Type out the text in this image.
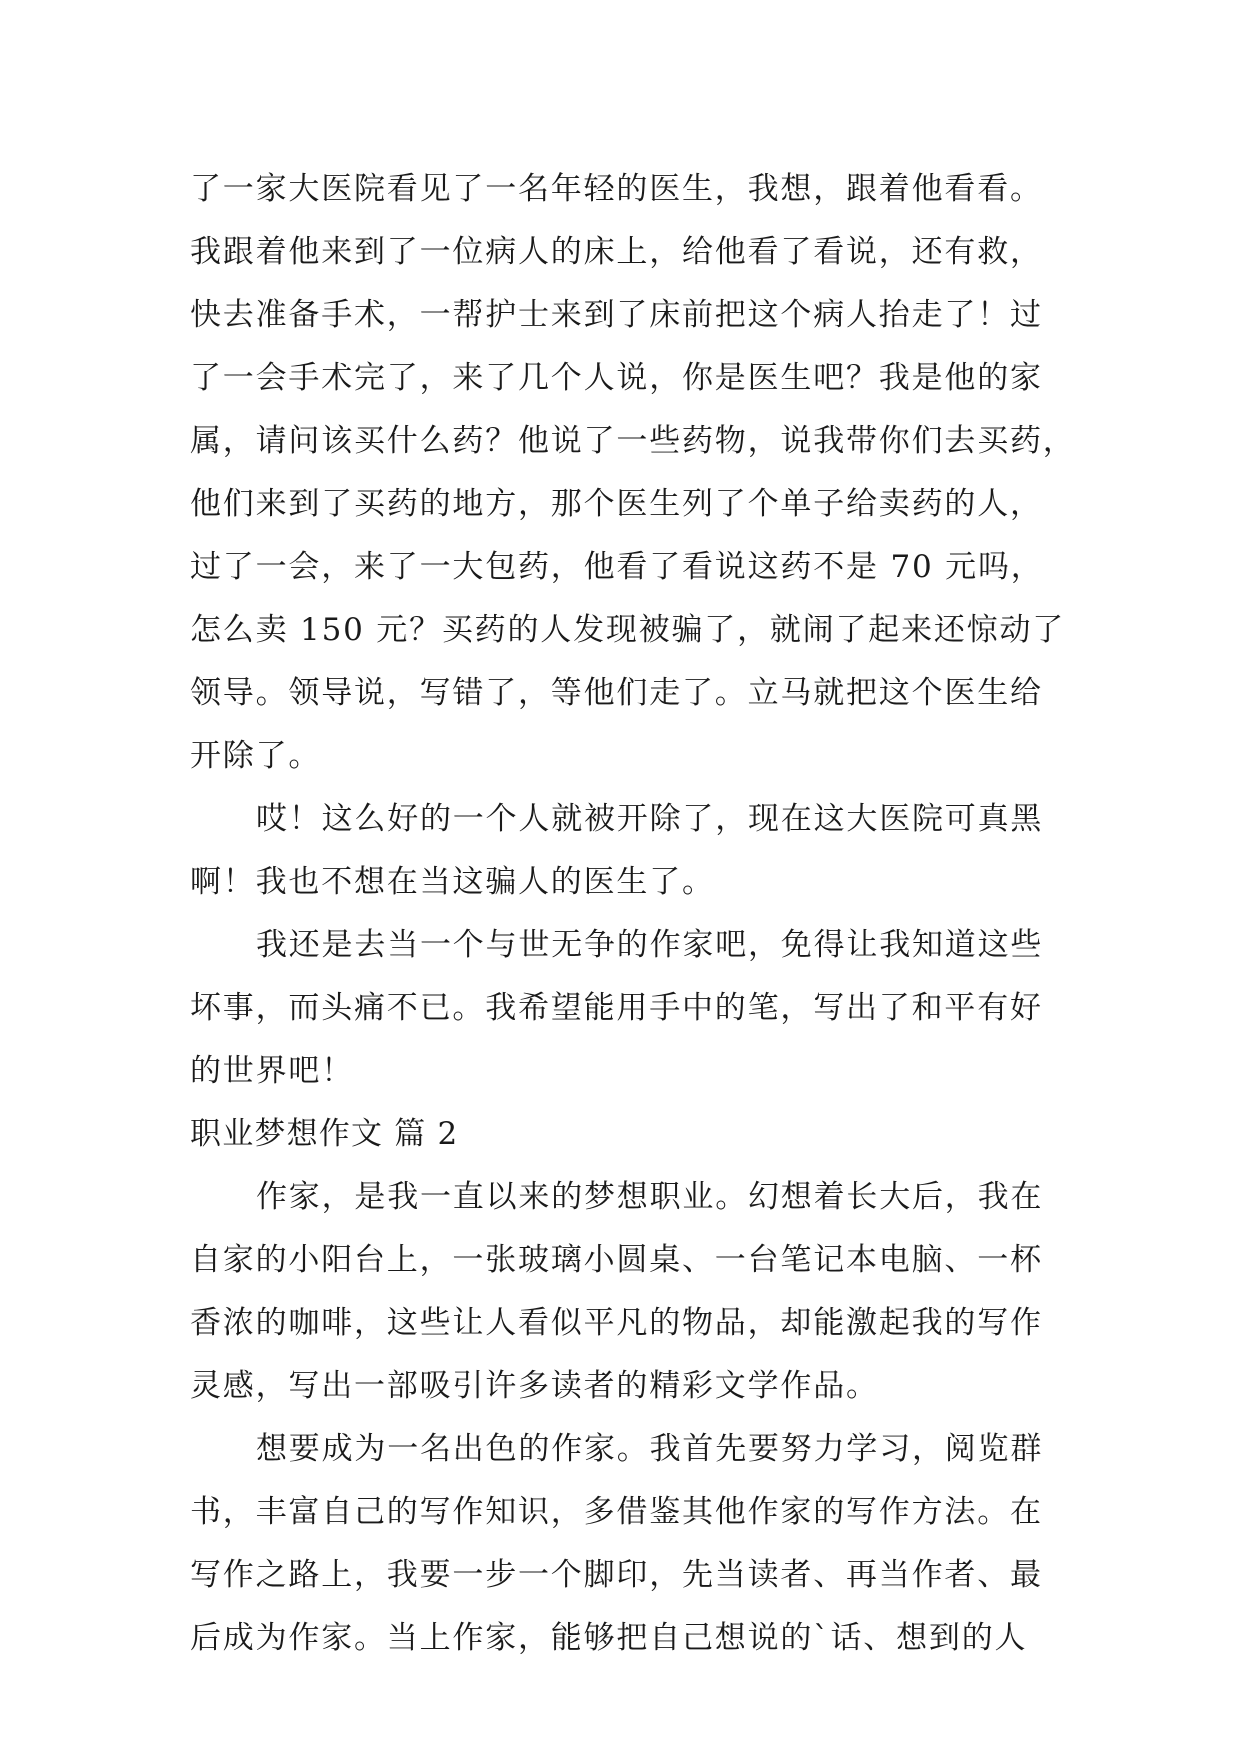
了一家大医院看见了一名年轻的医生，我想，跟着他看看。
我跟着他来到了一位病人的床上，给他看了看说，还有救，
快去准备手术，一帮护士来到了床前把这个病人抬走了！过
了一会手术完了，来了几个人说，你是医生吧？我是他的家
属，请问该买什么药？他说了一些药物，说我带你们去买药，
他们来到了买药的地方，那个医生列了个单子给卖药的人，
过了一会，来了一大包药，他看了看说这药不是 70 元吗，
怎么卖 150 元？买药的人发现被骗了，就闹了起来还惊动了
领导。领导说，写错了，等他们走了。立马就把这个医生给
开除了。
哎！这么好的一个人就被开除了，现在这大医院可真黑
啊！我也不想在当这骗人的医生了。
我还是去当一个与世无争的作家吧，免得让我知道这些
坏事，而头痛不已。我希望能用手中的笔，写出了和平有好
的世界吧！
职业梦想作文 篇 2
作家，是我一直以来的梦想职业。幻想着长大后，我在
自家的小阳台上，一张玻璃小圆桌、一台笔记本电脑、一杯
香浓的咖啡，这些让人看似平凡的物品，却能激起我的写作
灵感，写出一部吸引许多读者的精彩文学作品。
想要成为一名出色的作家。我首先要努力学习，阅览群
书，丰富自己的写作知识，多借鉴其他作家的写作方法。在
写作之路上，我要一步一个脚印，先当读者、再当作者、最
后成为作家。当上作家，能够把自己想说的`话、想到的人
